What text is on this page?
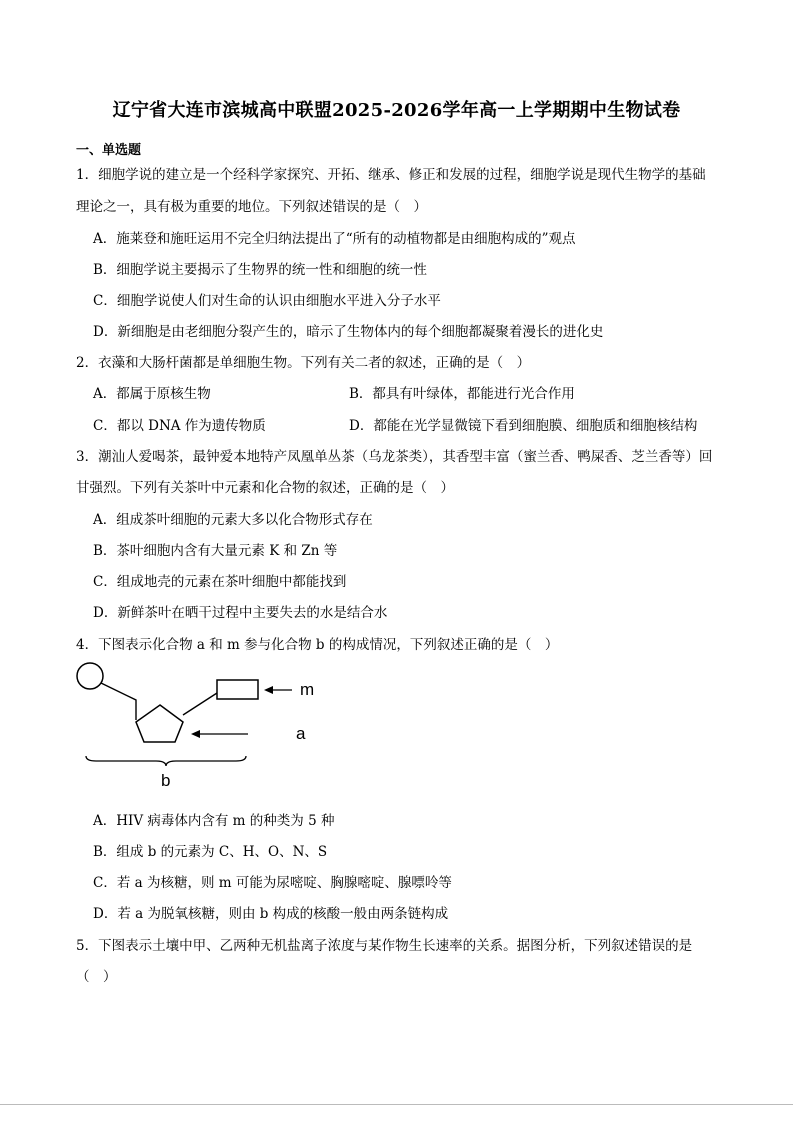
辽宁省大连市滨城高中联盟2025-2026学年高一上学期期中生物试卷
一、单选题
1．细胞学说的建立是一个经科学家探究、开拓、继承、修正和发展的过程，细胞学说是现代生物学的基础
理论之一，具有极为重要的地位。下列叙述错误的是（　）
A．施莱登和施旺运用不完全归纳法提出了“所有的动植物都是由细胞构成的”观点
B．细胞学说主要揭示了生物界的统一性和细胞的统一性
C．细胞学说使人们对生命的认识由细胞水平进入分子水平
D．新细胞是由老细胞分裂产生的，暗示了生物体内的每个细胞都凝聚着漫长的进化史
2．衣藻和大肠杆菌都是单细胞生物。下列有关二者的叙述，正确的是（　）
A．都属于原核生物	B．都具有叶绿体，都能进行光合作用
C．都以 DNA 作为遗传物质	D．都能在光学显微镜下看到细胞膜、细胞质和细胞核结构
3．潮汕人爱喝茶，最钟爱本地特产凤凰单丛茶（乌龙茶类），其香型丰富（蜜兰香、鸭屎香、芝兰香等）回
甘强烈。下列有关茶叶中元素和化合物的叙述，正确的是（　）
A．组成茶叶细胞的元素大多以化合物形式存在
B．茶叶细胞内含有大量元素 K 和 Zn 等
C．组成地壳的元素在茶叶细胞中都能找到
D．新鲜茶叶在晒干过程中主要失去的水是结合水
4．下图表示化合物 a 和 m 参与化合物 b 的构成情况，下列叙述正确的是（　）
m
a
b
A．HIV 病毒体内含有 m 的种类为 5 种
B．组成 b 的元素为 C、H、O、N、S
C．若 a 为核糖，则 m 可能为尿嘧啶、胸腺嘧啶、腺嘌呤等
D．若 a 为脱氧核糖，则由 b 构成的核酸一般由两条链构成
5．下图表示土壤中甲、乙两种无机盐离子浓度与某作物生长速率的关系。据图分析，下列叙述错误的是
（　）
